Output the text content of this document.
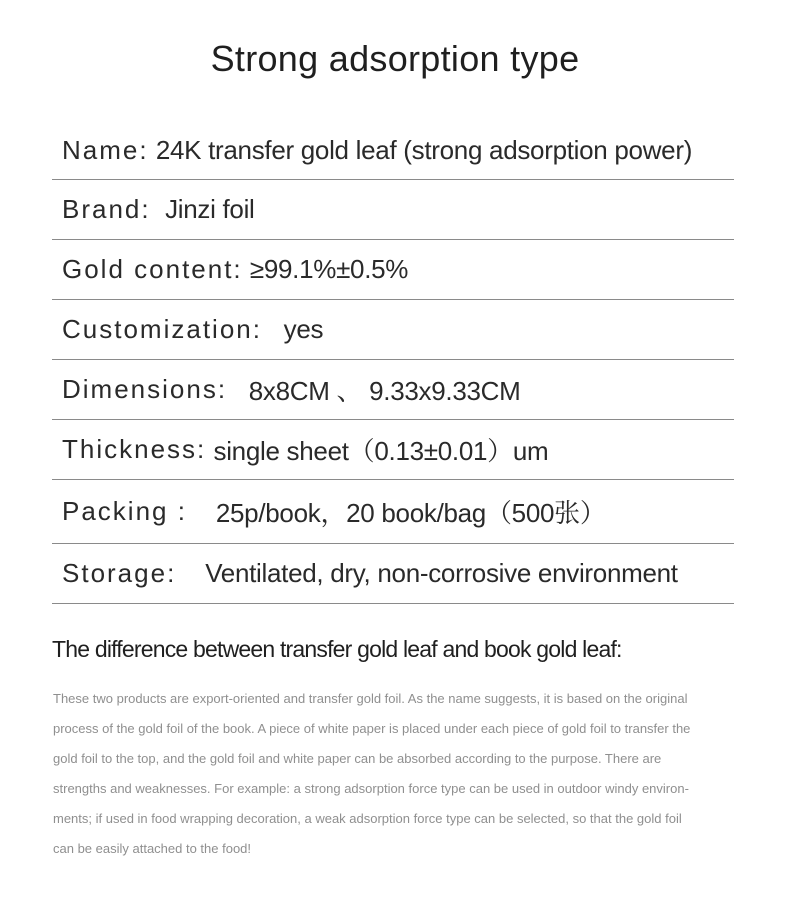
Strong adsorption type
Name:
24K transfer gold leaf (strong adsorption power)
Brand:
Jinzi foil
Gold content:
≥99.1%±0.5%
Customization:
yes
Dimensions:
8x8CM 、 9.33x9.33CM
Thickness:
single sheet（0.13±0.01）um
Packing :
25p/book，20 book/bag（500张）
Storage:
Ventilated, dry, non-corrosive environment
The difference between transfer gold leaf and book gold leaf:
These two products are export-oriented and transfer gold foil. As the name suggests, it is based on the original
process of the gold foil of the book. A piece of white paper is placed under each piece of gold foil to transfer the
gold foil to the top, and the gold foil and white paper can be absorbed according to the purpose. There are
strengths and weaknesses. For example: a strong adsorption force type can be used in outdoor windy environ-
ments; if used in food wrapping decoration, a weak adsorption force type can be selected, so that the gold foil
can be easily attached to the food!
